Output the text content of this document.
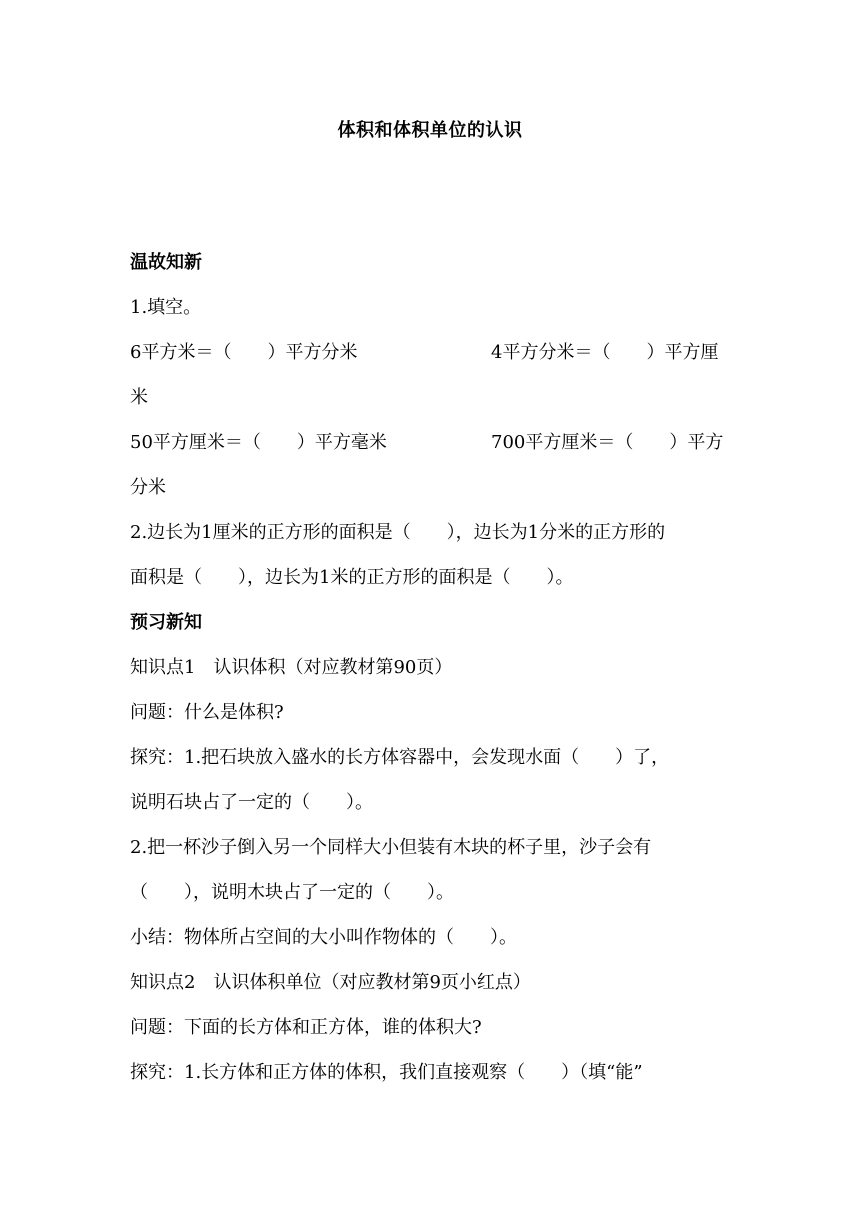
体积和体积单位的认识
温故知新
1.填空。
6平方米＝（　　）平方分米	4平方分米＝（　　）平方厘
米
50平方厘米＝（　　）平方毫米	700平方厘米＝（　　）平方
分米
2.边长为1厘米的正方形的面积是（　　），边长为1分米的正方形的
面积是（　　），边长为1米的正方形的面积是（　　）。
预习新知
知识点1　认识体积（对应教材第90页）
问题：什么是体积?
探究：1.把石块放入盛水的长方体容器中，会发现水面（　　）了，
说明石块占了一定的（　　）。
2.把一杯沙子倒入另一个同样大小但装有木块的杯子里，沙子会有
（　　），说明木块占了一定的（　　）。
小结：物体所占空间的大小叫作物体的（　　）。
知识点2　认识体积单位（对应教材第9页小红点）
问题：下面的长方体和正方体，谁的体积大?
探究：1.长方体和正方体的体积，我们直接观察（　　）（填“能”
